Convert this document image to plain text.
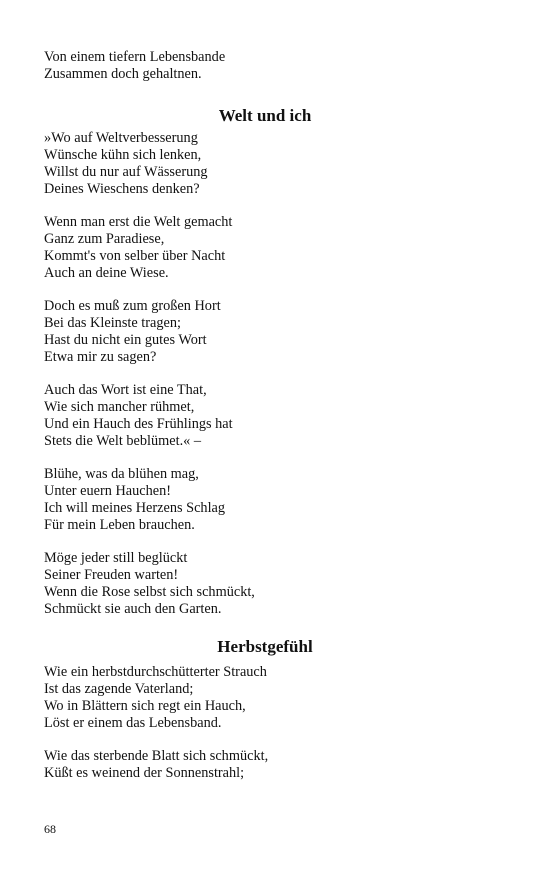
Von einem tiefern Lebensbande
Zusammen doch gehaltnen.
Welt und ich
»Wo auf Weltverbesserung
Wünsche kühn sich lenken,
Willst du nur auf Wässerung
Deines Wieschens denken?
Wenn man erst die Welt gemacht
Ganz zum Paradiese,
Kommt's von selber über Nacht
Auch an deine Wiese.
Doch es muß zum großen Hort
Bei das Kleinste tragen;
Hast du nicht ein gutes Wort
Etwa mir zu sagen?
Auch das Wort ist eine That,
Wie sich mancher rühmet,
Und ein Hauch des Frühlings hat
Stets die Welt beblümet.« –
Blühe, was da blühen mag,
Unter euern Hauchen!
Ich will meines Herzens Schlag
Für mein Leben brauchen.
Möge jeder still beglückt
Seiner Freuden warten!
Wenn die Rose selbst sich schmückt,
Schmückt sie auch den Garten.
Herbstgefühl
Wie ein herbstdurchschütterter Strauch
Ist das zagende Vaterland;
Wo in Blättern sich regt ein Hauch,
Löst er einem das Lebensband.
Wie das sterbende Blatt sich schmückt,
Küßt es weinend der Sonnenstrahl;
68
